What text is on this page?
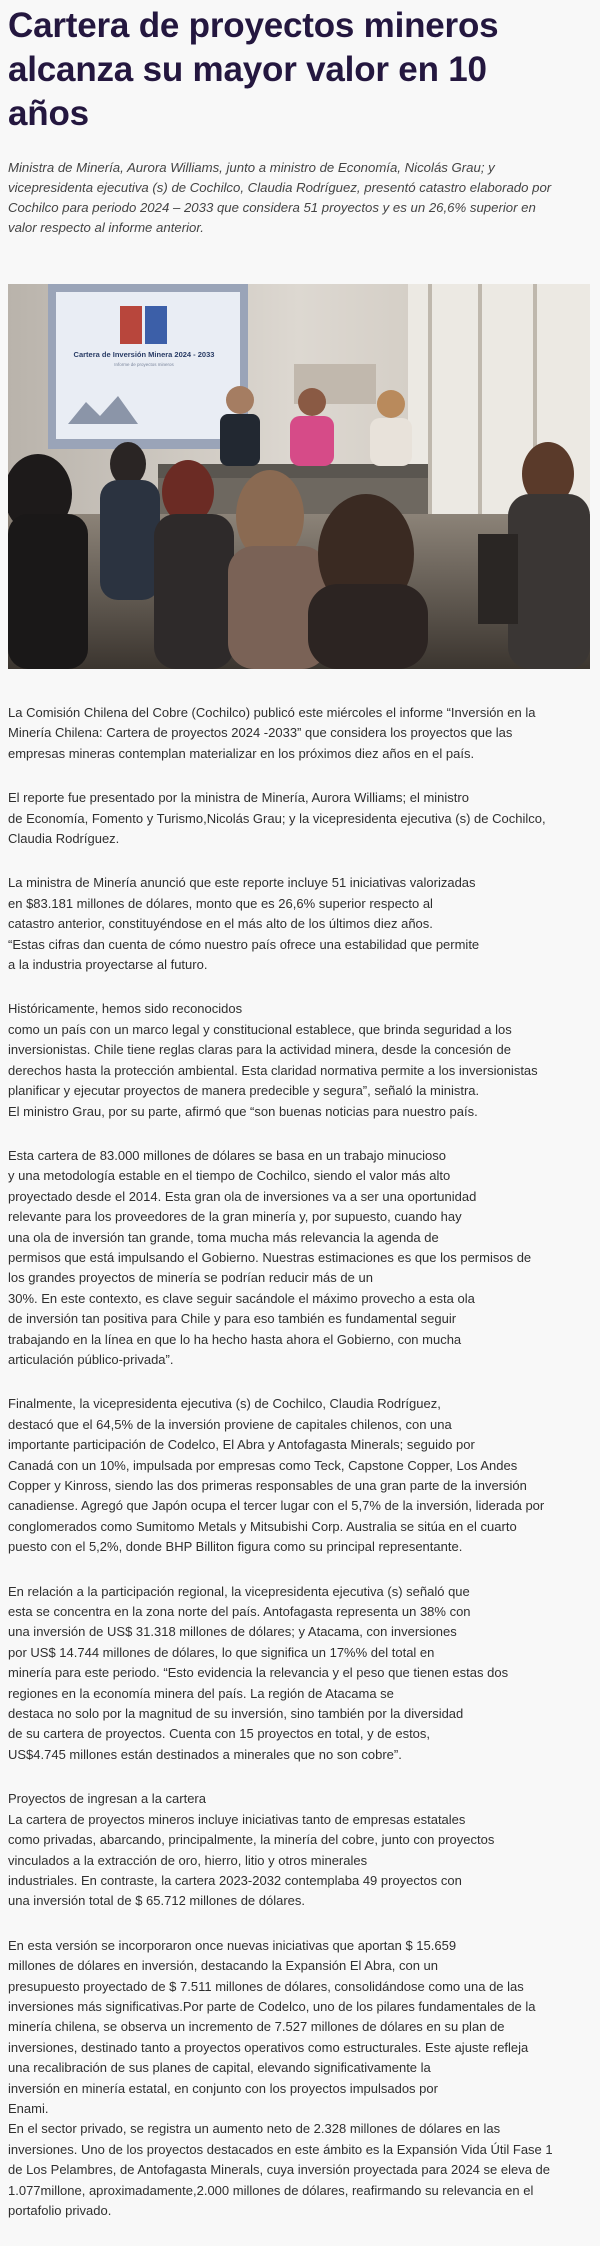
Cartera de proyectos mineros
alcanza su mayor valor en 10
años

Ministra de Minería, Aurora Williams, junto a ministro de Economía, Nicolás Grau; y
vicepresidenta ejecutiva (s) de Cochilco, Claudia Rodríguez, presentó catastro elaborado por
Cochilco para periodo 2024 – 2033 que considera 51 proyectos y es un 26,6% superior en
valor respecto al informe anterior.

Cartera de Inversión Minera 2024 - 2033
Informe de proyectos mineros

La Comisión Chilena del Cobre (Cochilco) publicó este miércoles el informe “Inversión en la
Minería Chilena: Cartera de proyectos 2024 -2033” que considera los proyectos que las
empresas mineras contemplan materializar en los próximos diez años en el país.

El reporte fue presentado por la ministra de Minería, Aurora Williams; el ministro
de Economía, Fomento y Turismo,Nicolás Grau; y la vicepresidenta ejecutiva (s) de Cochilco,
Claudia Rodríguez.

La ministra de Minería anunció que este reporte incluye 51 iniciativas valorizadas
en $83.181 millones de dólares, monto que es 26,6% superior respecto al
catastro anterior, constituyéndose en el más alto de los últimos diez años.
“Estas cifras dan cuenta de cómo nuestro país ofrece una estabilidad que permite
a la industria proyectarse al futuro.

Históricamente, hemos sido reconocidos
como un país con un marco legal y constitucional establece, que brinda seguridad a los
inversionistas. Chile tiene reglas claras para la actividad minera, desde la concesión de
derechos hasta la protección ambiental. Esta claridad normativa permite a los inversionistas
planificar y ejecutar proyectos de manera predecible y segura”, señaló la ministra.
El ministro Grau, por su parte, afirmó que “son buenas noticias para nuestro país.

Esta cartera de 83.000 millones de dólares se basa en un trabajo minucioso
y una metodología estable en el tiempo de Cochilco, siendo el valor más alto
proyectado desde el 2014. Esta gran ola de inversiones va a ser una oportunidad
relevante para los proveedores de la gran minería y, por supuesto, cuando hay
una ola de inversión tan grande, toma mucha más relevancia la agenda de
permisos que está impulsando el Gobierno. Nuestras estimaciones es que los permisos de
los grandes proyectos de minería se podrían reducir más de un
30%. En este contexto, es clave seguir sacándole el máximo provecho a esta ola
de inversión tan positiva para Chile y para eso también es fundamental seguir
trabajando en la línea en que lo ha hecho hasta ahora el Gobierno, con mucha
articulación público-privada”.

Finalmente, la vicepresidenta ejecutiva (s) de Cochilco, Claudia Rodríguez,
destacó que el 64,5% de la inversión proviene de capitales chilenos, con una
importante participación de Codelco, El Abra y Antofagasta Minerals; seguido por
Canadá con un 10%, impulsada por empresas como Teck, Capstone Copper, Los Andes
Copper y Kinross, siendo las dos primeras responsables de una gran parte de la inversión
canadiense. Agregó que Japón ocupa el tercer lugar con el 5,7% de la inversión, liderada por
conglomerados como Sumitomo Metals y Mitsubishi Corp. Australia se sitúa en el cuarto
puesto con el 5,2%, donde BHP Billiton figura como su principal representante.

En relación a la participación regional, la vicepresidenta ejecutiva (s) señaló que
esta se concentra en la zona norte del país. Antofagasta representa un 38% con
una inversión de US$ 31.318 millones de dólares; y Atacama, con inversiones
por US$ 14.744 millones de dólares, lo que significa un 17%% del total en
minería para este periodo. “Esto evidencia la relevancia y el peso que tienen estas dos
regiones en la economía minera del país. La región de Atacama se
destaca no solo por la magnitud de su inversión, sino también por la diversidad
de su cartera de proyectos. Cuenta con 15 proyectos en total, y de estos,
US$4.745 millones están destinados a minerales que no son cobre”.

Proyectos de ingresan a la cartera
La cartera de proyectos mineros incluye iniciativas tanto de empresas estatales
como privadas, abarcando, principalmente, la minería del cobre, junto con proyectos
vinculados a la extracción de oro, hierro, litio y otros minerales
industriales. En contraste, la cartera 2023-2032 contemplaba 49 proyectos con
una inversión total de $ 65.712 millones de dólares.

En esta versión se incorporaron once nuevas iniciativas que aportan $ 15.659
millones de dólares en inversión, destacando la Expansión El Abra, con un
presupuesto proyectado de $ 7.511 millones de dólares, consolidándose como una de las
inversiones más significativas.Por parte de Codelco, uno de los pilares fundamentales de la
minería chilena, se observa un incremento de 7.527 millones de dólares en su plan de
inversiones, destinado tanto a proyectos operativos como estructurales. Este ajuste refleja
una recalibración de sus planes de capital, elevando significativamente la
inversión en minería estatal, en conjunto con los proyectos impulsados por
Enami.
En el sector privado, se registra un aumento neto de 2.328 millones de dólares en las
inversiones. Uno de los proyectos destacados en este ámbito es la Expansión Vida Útil Fase 1
de Los Pelambres, de Antofagasta Minerals, cuya inversión proyectada para 2024 se eleva de
1.077millone, aproximadamente,2.000 millones de dólares, reafirmando su relevancia en el
portafolio privado.
